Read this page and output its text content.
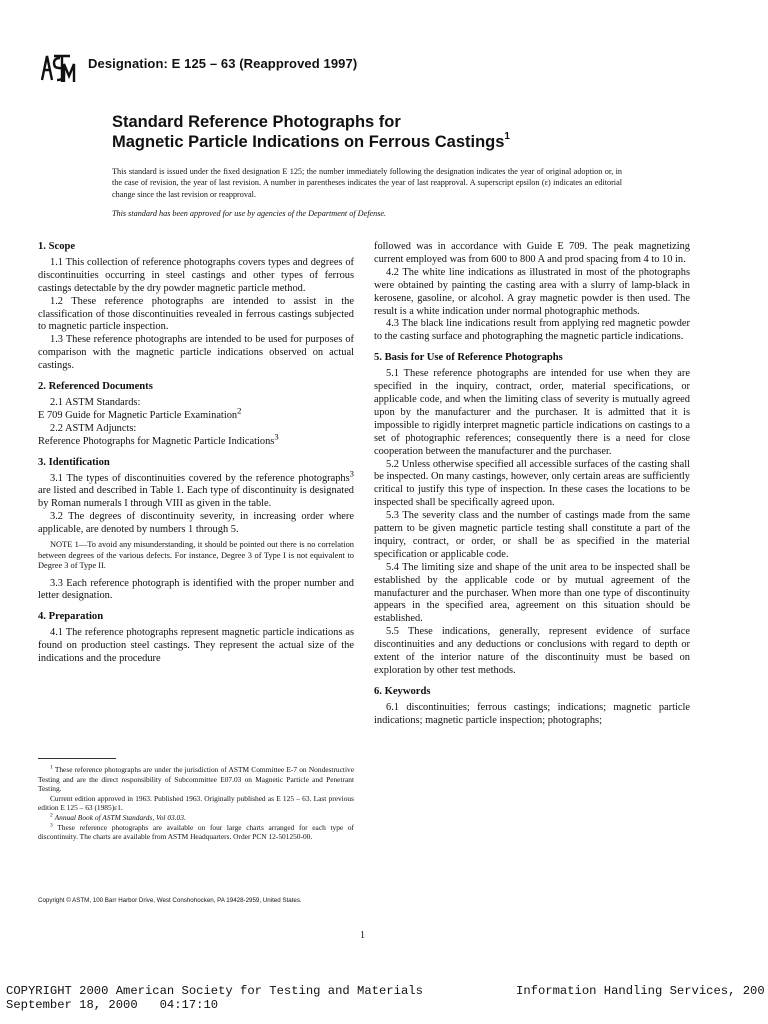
Designation: E 125 – 63 (Reapproved 1997)
Standard Reference Photographs for
Magnetic Particle Indications on Ferrous Castings$^1$
This standard is issued under the fixed designation E 125; the number immediately following the designation indicates the year of original adoption or, in the case of revision, the year of last revision. A number in parentheses indicates the year of last reapproval. A superscript epsilon (ε) indicates an editorial change since the last revision or reapproval.
This standard has been approved for use by agencies of the Department of Defense.
1. Scope

1.1 This collection of reference photographs covers types and degrees of discontinuities occurring in steel castings and other types of ferrous castings detectable by the dry powder magnetic particle method.

1.2 These reference photographs are intended to assist in the classification of those discontinuities revealed in ferrous castings subjected to magnetic particle inspection.

1.3 These reference photographs are intended to be used for purposes of comparison with the magnetic particle indications observed on actual castings.

2. Referenced Documents

2.1 ASTM Standards:

E 709 Guide for Magnetic Particle Examination$^2$

2.2 ASTM Adjuncts:

Reference Photographs for Magnetic Particle Indications$^3$

3. Identification

3.1 The types of discontinuities covered by the reference photographs$^3$ are listed and described in Table 1. Each type of discontinuity is designated by Roman numerals I through VIII as given in the table.

3.2 The degrees of discontinuity severity, in increasing order where applicable, are denoted by numbers 1 through 5.

NOTE 1—To avoid any misunderstanding, it should be pointed out there is no correlation between degrees of the various defects. For instance, Degree 3 of Type I is not equivalent to Degree 3 of Type II.

3.3 Each reference photograph is identified with the proper number and letter designation.

4. Preparation

4.1 The reference photographs represent magnetic particle indications as found on production steel castings. They represent the actual size of the indications and the procedure

$^1$ These reference photographs are under the jurisdiction of ASTM Committee E-7 on Nondestructive Testing and are the direct responsibility of Subcommittee E07.03 on Magnetic Particle and Penetrant Testing.
Current edition approved in 1963. Published 1963. Originally published as E 125 – 63. Last previous edition E 125 – 63 (1985)ε1.
$^2$ Annual Book of ASTM Standards, Vol 03.03.
$^3$ These reference photographs are available on four large charts arranged for each type of discontinuity. The charts are available from ASTM Headquarters. Order PCN 12-501250-00.

followed was in accordance with Guide E 709. The peak magnetizing current employed was from 600 to 800 A and prod spacing from 4 to 10 in.

4.2 The white line indications as illustrated in most of the photographs were obtained by painting the casting area with a slurry of lamp-black in kerosene, gasoline, or alcohol. A gray magnetic powder is then used. The result is a white indication under normal photographic methods.

4.3 The black line indications result from applying red magnetic powder to the casting surface and photographing the magnetic particle indications.

5. Basis for Use of Reference Photographs

5.1 These reference photographs are intended for use when they are specified in the inquiry, contract, order, material specifications, or applicable code, and when the limiting class of severity is mutually agreed upon by the manufacturer and the purchaser. It is admitted that it is impossible to rigidly interpret magnetic particle indications on castings to a set of photographic references; consequently there is a need for close cooperation between the manufacturer and the purchaser.

5.2 Unless otherwise specified all accessible surfaces of the casting shall be inspected. On many castings, however, only certain areas are sufficiently critical to justify this type of inspection. In these cases the locations to be inspected shall be specifically agreed upon.

5.3 The severity class and the number of castings made from the same pattern to be given magnetic particle testing shall constitute a part of the inquiry, contract, or order, or shall be as specified in the material specification or applicable code.

5.4 The limiting size and shape of the unit area to be inspected shall be established by the applicable code or by mutual agreement of the manufacturer and the purchaser. When more than one type of discontinuity appears in the specified area, agreement on this situation should be established.

5.5 These indications, generally, represent evidence of surface discontinuities and any deductions or conclusions with regard to depth or extent of the interior nature of the discontinuity must be based on exploration by other test methods.

6. Keywords

6.1 discontinuities; ferrous castings; indications; magnetic particle indications; magnetic particle inspection; photographs;

Copyright © ASTM, 100 Barr Harbor Drive, West Conshohocken, PA 19428-2959, United States.
1
COPYRIGHT 2000 American Society for Testing and Materials
September 18, 2000   04:17:10
Information Handling Services, 200
